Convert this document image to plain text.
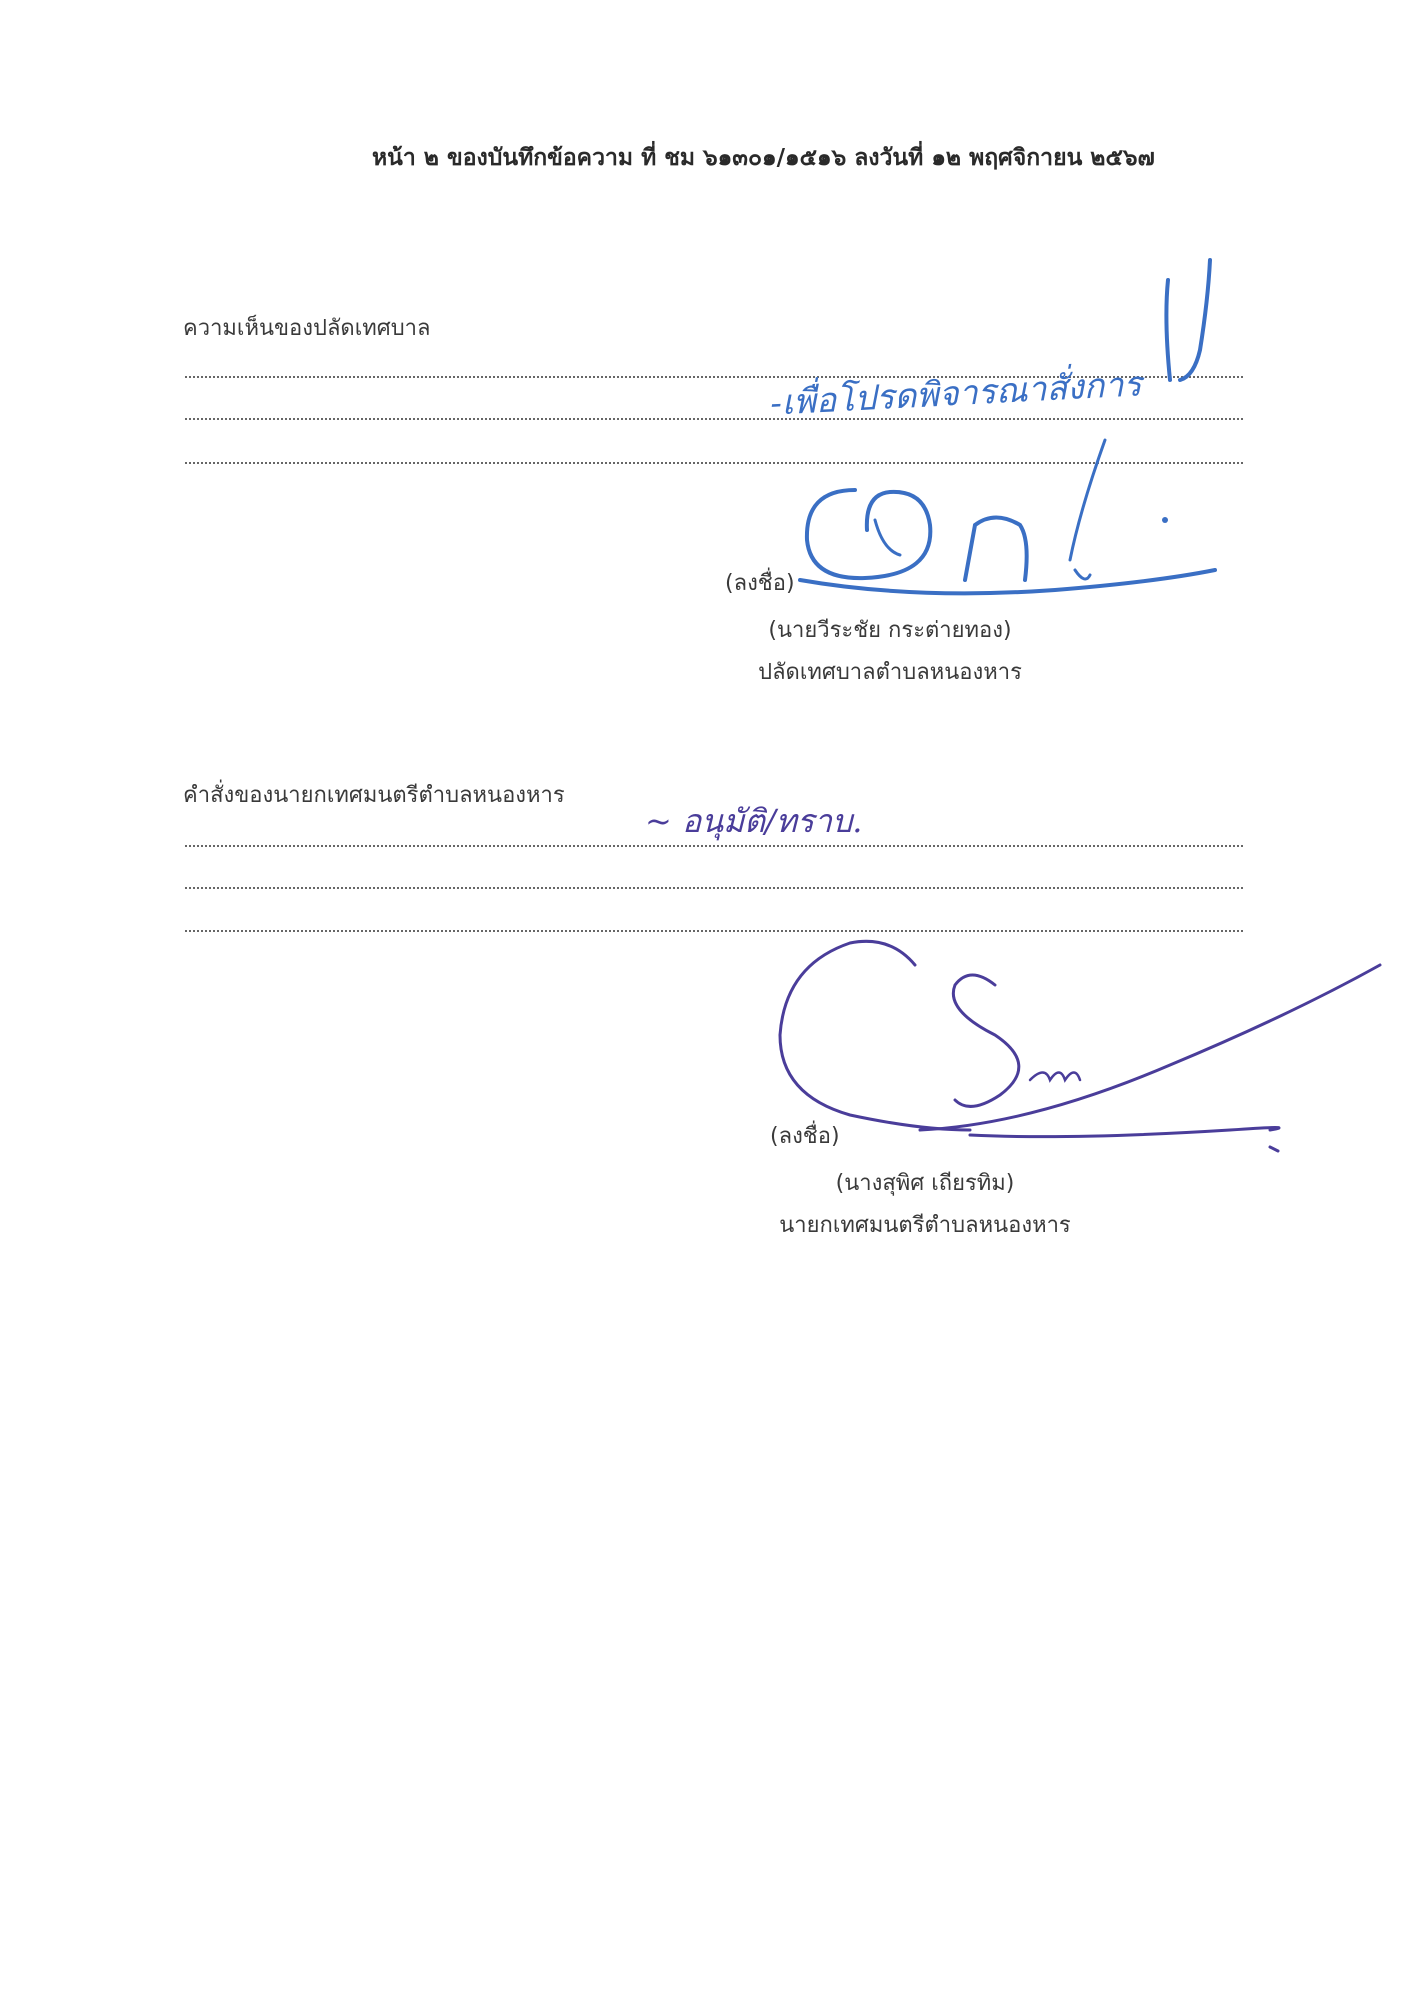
หน้า ๒ ของบันทึกข้อความ ที่ ชม ๖๑๓๐๑/๑๕๑๖ ลงวันที่ ๑๒ พฤศจิกายน ๒๕๖๗
ความเห็นของปลัดเทศบาล
-เพื่อโปรดพิจารณาสั่งการ
(ลงชื่อ)
(นายวีระชัย กระต่ายทอง)
ปลัดเทศบาลตำบลหนองหาร
คำสั่งของนายกเทศมนตรีตำบลหนองหาร
~ อนุมัติ/ทราบ.
(ลงชื่อ)
(นางสุพิศ เถียรทิม)
นายกเทศมนตรีตำบลหนองหาร
